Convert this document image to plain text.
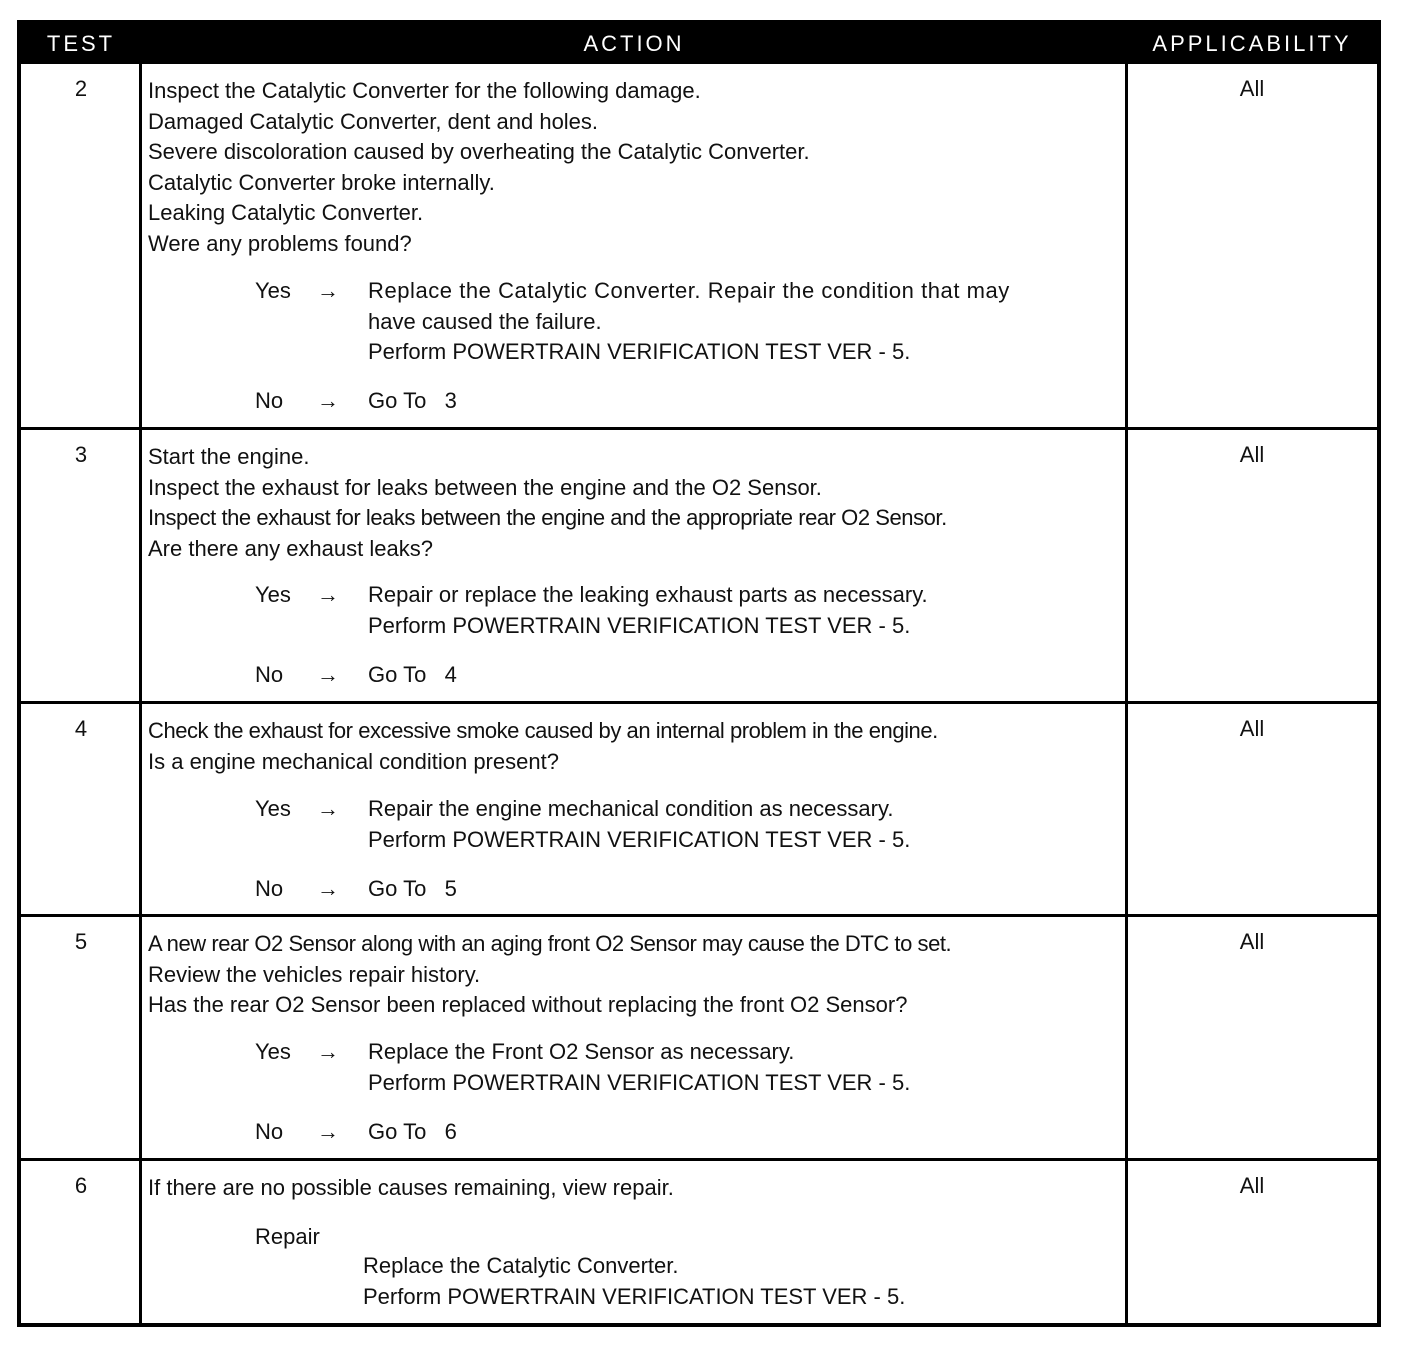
TEST	ACTION	APPLICABILITY
2	Inspect the Catalytic Converter for the following damage.

Damaged Catalytic Converter, dent and holes.

Severe discoloration caused by overheating the Catalytic Converter.

Catalytic Converter broke internally.

Leaking Catalytic Converter.

Were any problems found?

Yes	→	Replace the Catalytic Converter. Repair the condition that may

have caused the failure.

Perform POWERTRAIN VERIFICATION TEST VER - 5.

No	→	Go To   3
All
3	Start the engine.

Inspect the exhaust for leaks between the engine and the O2 Sensor.

Inspect the exhaust for leaks between the engine and the appropriate rear O2 Sensor.

Are there any exhaust leaks?

Yes	→	Repair or replace the leaking exhaust parts as necessary.

Perform POWERTRAIN VERIFICATION TEST VER - 5.

No	→	Go To   4
All
4	Check the exhaust for excessive smoke caused by an internal problem in the engine.

Is a engine mechanical condition present?

Yes	→	Repair the engine mechanical condition as necessary.

Perform POWERTRAIN VERIFICATION TEST VER - 5.

No	→	Go To   5
All
5	A new rear O2 Sensor along with an aging front O2 Sensor may cause the DTC to set.

Review the vehicles repair history.

Has the rear O2 Sensor been replaced without replacing the front O2 Sensor?

Yes	→	Replace the Front O2 Sensor as necessary.

Perform POWERTRAIN VERIFICATION TEST VER - 5.

No	→	Go To   6
All
6	If there are no possible causes remaining, view repair.

Repair

Replace the Catalytic Converter.

Perform POWERTRAIN VERIFICATION TEST VER - 5.

All
